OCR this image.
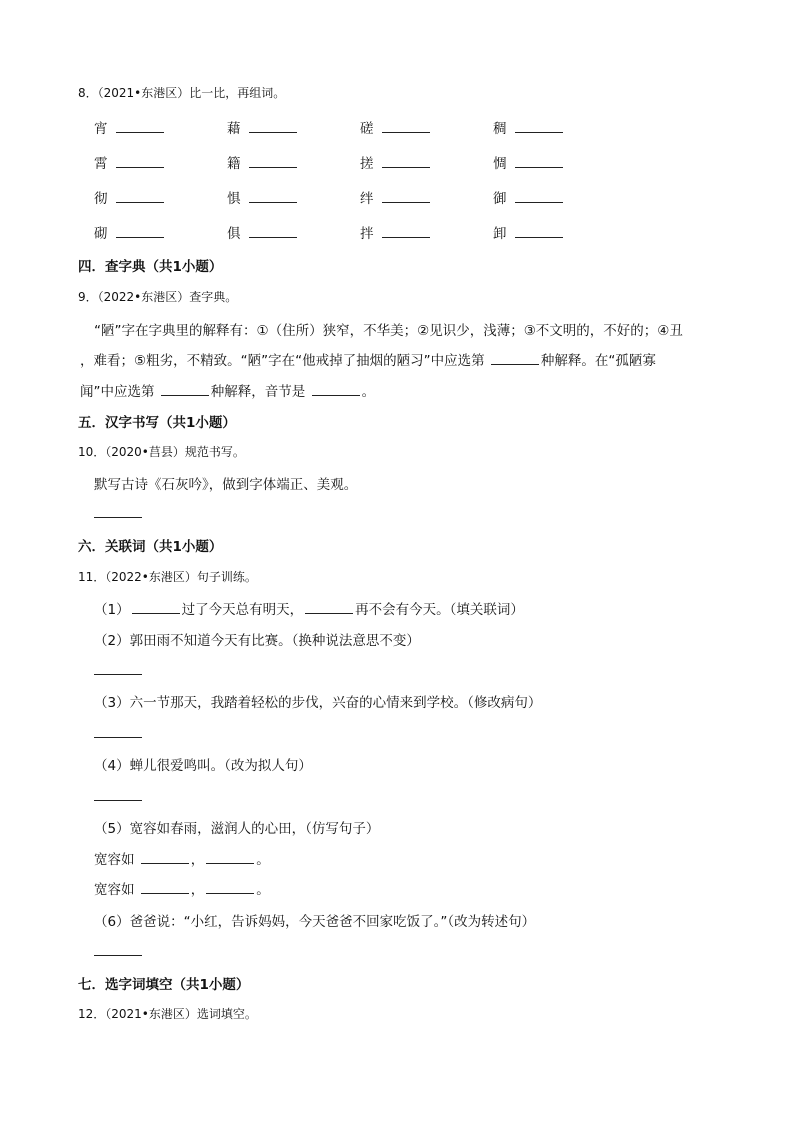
8．（2021•东港区）比一比，再组词。
宵	藉	磋	稠
霄	籍	搓	惆
彻	惧	绊	御
砌	俱	拌	卸
四．查字典（共1小题）
9．（2022•东港区）查字典。
“陋”字在字典里的解释有：①（住所）狭窄，不华美；②见识少，浅薄；③不文明的，不好的；④丑
，难看；⑤粗劣，不精致。“陋”字在“他戒掉了抽烟的陋习”中应选第	种解释。在“孤陋寡
闻”中应选第	种解释，音节是	。
五．汉字书写（共1小题）
10．（2020•莒县）规范书写。
默写古诗《石灰吟》，做到字体端正、美观。
六．关联词（共1小题）
11．（2022•东港区）句子训练。
（1）	过了今天总有明天，	再不会有今天。（填关联词）
（2）郭田雨不知道今天有比赛。（换种说法意思不变）
（3）六一节那天，我踏着轻松的步伐，兴奋的心情来到学校。（修改病句）
（4）蝉儿很爱鸣叫。（改为拟人句）
（5）宽容如春雨，滋润人的心田，（仿写句子）
宽容如	，	。
宽容如	，	。
（6）爸爸说：“小红，告诉妈妈，今天爸爸不回家吃饭了。”（改为转述句）
七．选字词填空（共1小题）
12．（2021•东港区）选词填空。
